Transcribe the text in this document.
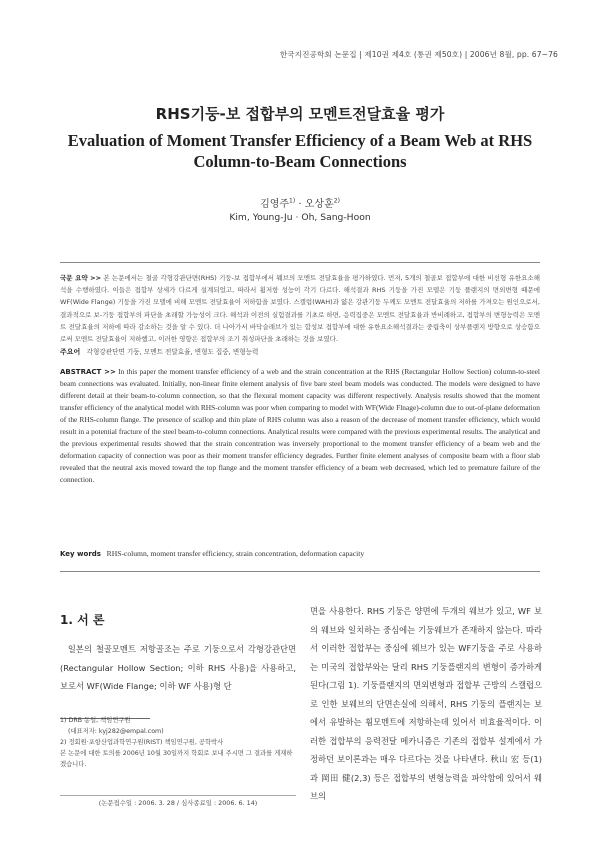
한국지진공학회 논문집 | 제10권 제4호 (통권 제50호) | 2006년 8월, pp. 67~76
RHS기둥-보 접합부의 모멘트전달효율 평가
Evaluation of Moment Transfer Efficiency of a Beam Web at RHS Column-to-Beam Connections
김영주$^{1)}$ · 오상훈$^{2)}$
Kim, Young-Ju · Oh, Sang-Hoon
국문 요약 >> 본 논문에서는 철골 각형강관단면(RHS) 기둥-보 접합부에서 웨브의 모멘트 전달효율을 평가하였다. 먼저, 5개의 철골보 접합부에 대한 비선형 유한요소해석을 수행하였다. 이들은 접합부 상세가 다르게 설계되었고, 따라서 휨저항 성능이 각기 다르다. 해석결과 RHS 기둥을 가진 모델은 기둥 플랜지의 면외변형 때문에 WF(Wide Flange) 기둥을 가진 모델에 비해 모멘트 전달효율이 저하함을 보였다. 스캘럽(WAH)과 얇은 강관기둥 두께도 모멘트 전달효율의 저하를 가져오는 원인으로서, 결과적으로 보-기둥 접합부의 파단을 초래할 가능성이 크다. 해석과 이전의 실험결과를 기초로 하면, 응력집중은 모멘트 전달효율과 반비례하고, 접합부의 변형능력은 모멘트 전달효율의 저하에 따라 감소하는 것을 알 수 있다. 더 나아가서 바닥슬래브가 있는 합성보 접합부에 대한 유한요소해석결과는 중립축이 상부플랜지 방향으로 상승함으로써 모멘트 전달효율이 저하했고, 이러한 영향은 접합부의 조기 취성파단을 초래하는 것을 보였다.
주요어 각형강관단면 기둥, 모멘트 전달효율, 변형도 집중, 변형능력
ABSTRACT >> In this paper the moment transfer efficiency of a web and the strain concentration at the RHS (Rectangular Hollow Section) column-to-steel beam connections was evaluated. Initially, non-linear finite element analysis of five bare steel beam models was conducted. The models were designed to have different detail at their beam-to-column connection, so that the flexural moment capacity was different respectively. Analysis results showed that the moment transfer efficiency of the analytical model with RHS-column was poor when comparing to model with WF(Wide Flnage)-column due to out-of-plane deformation of the RHS-column flange. The presence of scallop and thin plate of RHS column was also a reason of the decrease of moment transfer efficiency, which would result in a potential fracture of the steel beam-to-column connections. Analytical results were compared with the previous experimental results. The analytical and the previous experimental results showed that the strain concentration was inversely proportional to the moment transfer efficiency of a beam web and the deformation capacity of connection was poor as their moment transfer efficiency degrades. Further finite element analyses of composite beam with a floor slab revealed that the neutral axis moved toward the top flange and the moment transfer efficiency of a beam web decreased, which led to premature failure of the connection.
Key words RHS-column, moment transfer efficiency, strain concentration, deformation capacity
1. 서 론
일본의 철골모멘트 저항골조는 주로 기둥으로서 각형강관단면(Rectangular Hollow Section; 이하 RHS 사용)을 사용하고, 보로서 WF(Wide Flange; 이하 WF 사용)형 단
면을 사용한다. RHS 기둥은 양면에 두개의 웨브가 있고, WF 보의 웨브와 일치하는 중심에는 기둥웨브가 존재하지 않는다. 따라서 이러한 접합부는 중심에 웨브가 있는 WF기둥을 주로 사용하는 미국의 접합부와는 달리 RHS 기둥플랜지의 변형이 증가하게 된다(그림 1). 기둥플랜지의 면외변형과 접합부 근방의 스캘럽으로 인한 보웨브의 단면손실에 의해서, RHS 기둥의 플랜지는 보에서 유발하는 휨모멘트에 저항하는데 있어서 비효율적이다. 이러한 접합부의 응력전달 메카니즘은 기존의 접합부 설계에서 가정하던 보이론과는 매우 다르다는 것을 나타낸다. 秋山 宏 등(1)과 岡田 健(2,3) 등은 접합부의 변형능력을 파악함에 있어서 웨브의
1) DRB 동일, 책임연구원
(대표저자: kyj282@empal.com)
2) 정회원·포항산업과학연구원(RIST) 책임연구원, 공학박사
본 논문에 대한 토의를 2006년 10월 30일까지 학회로 보내 주시면 그 결과를 게재하겠습니다.
(논문접수일 : 2006. 3. 28 / 심사종료일 : 2006. 6. 14)
